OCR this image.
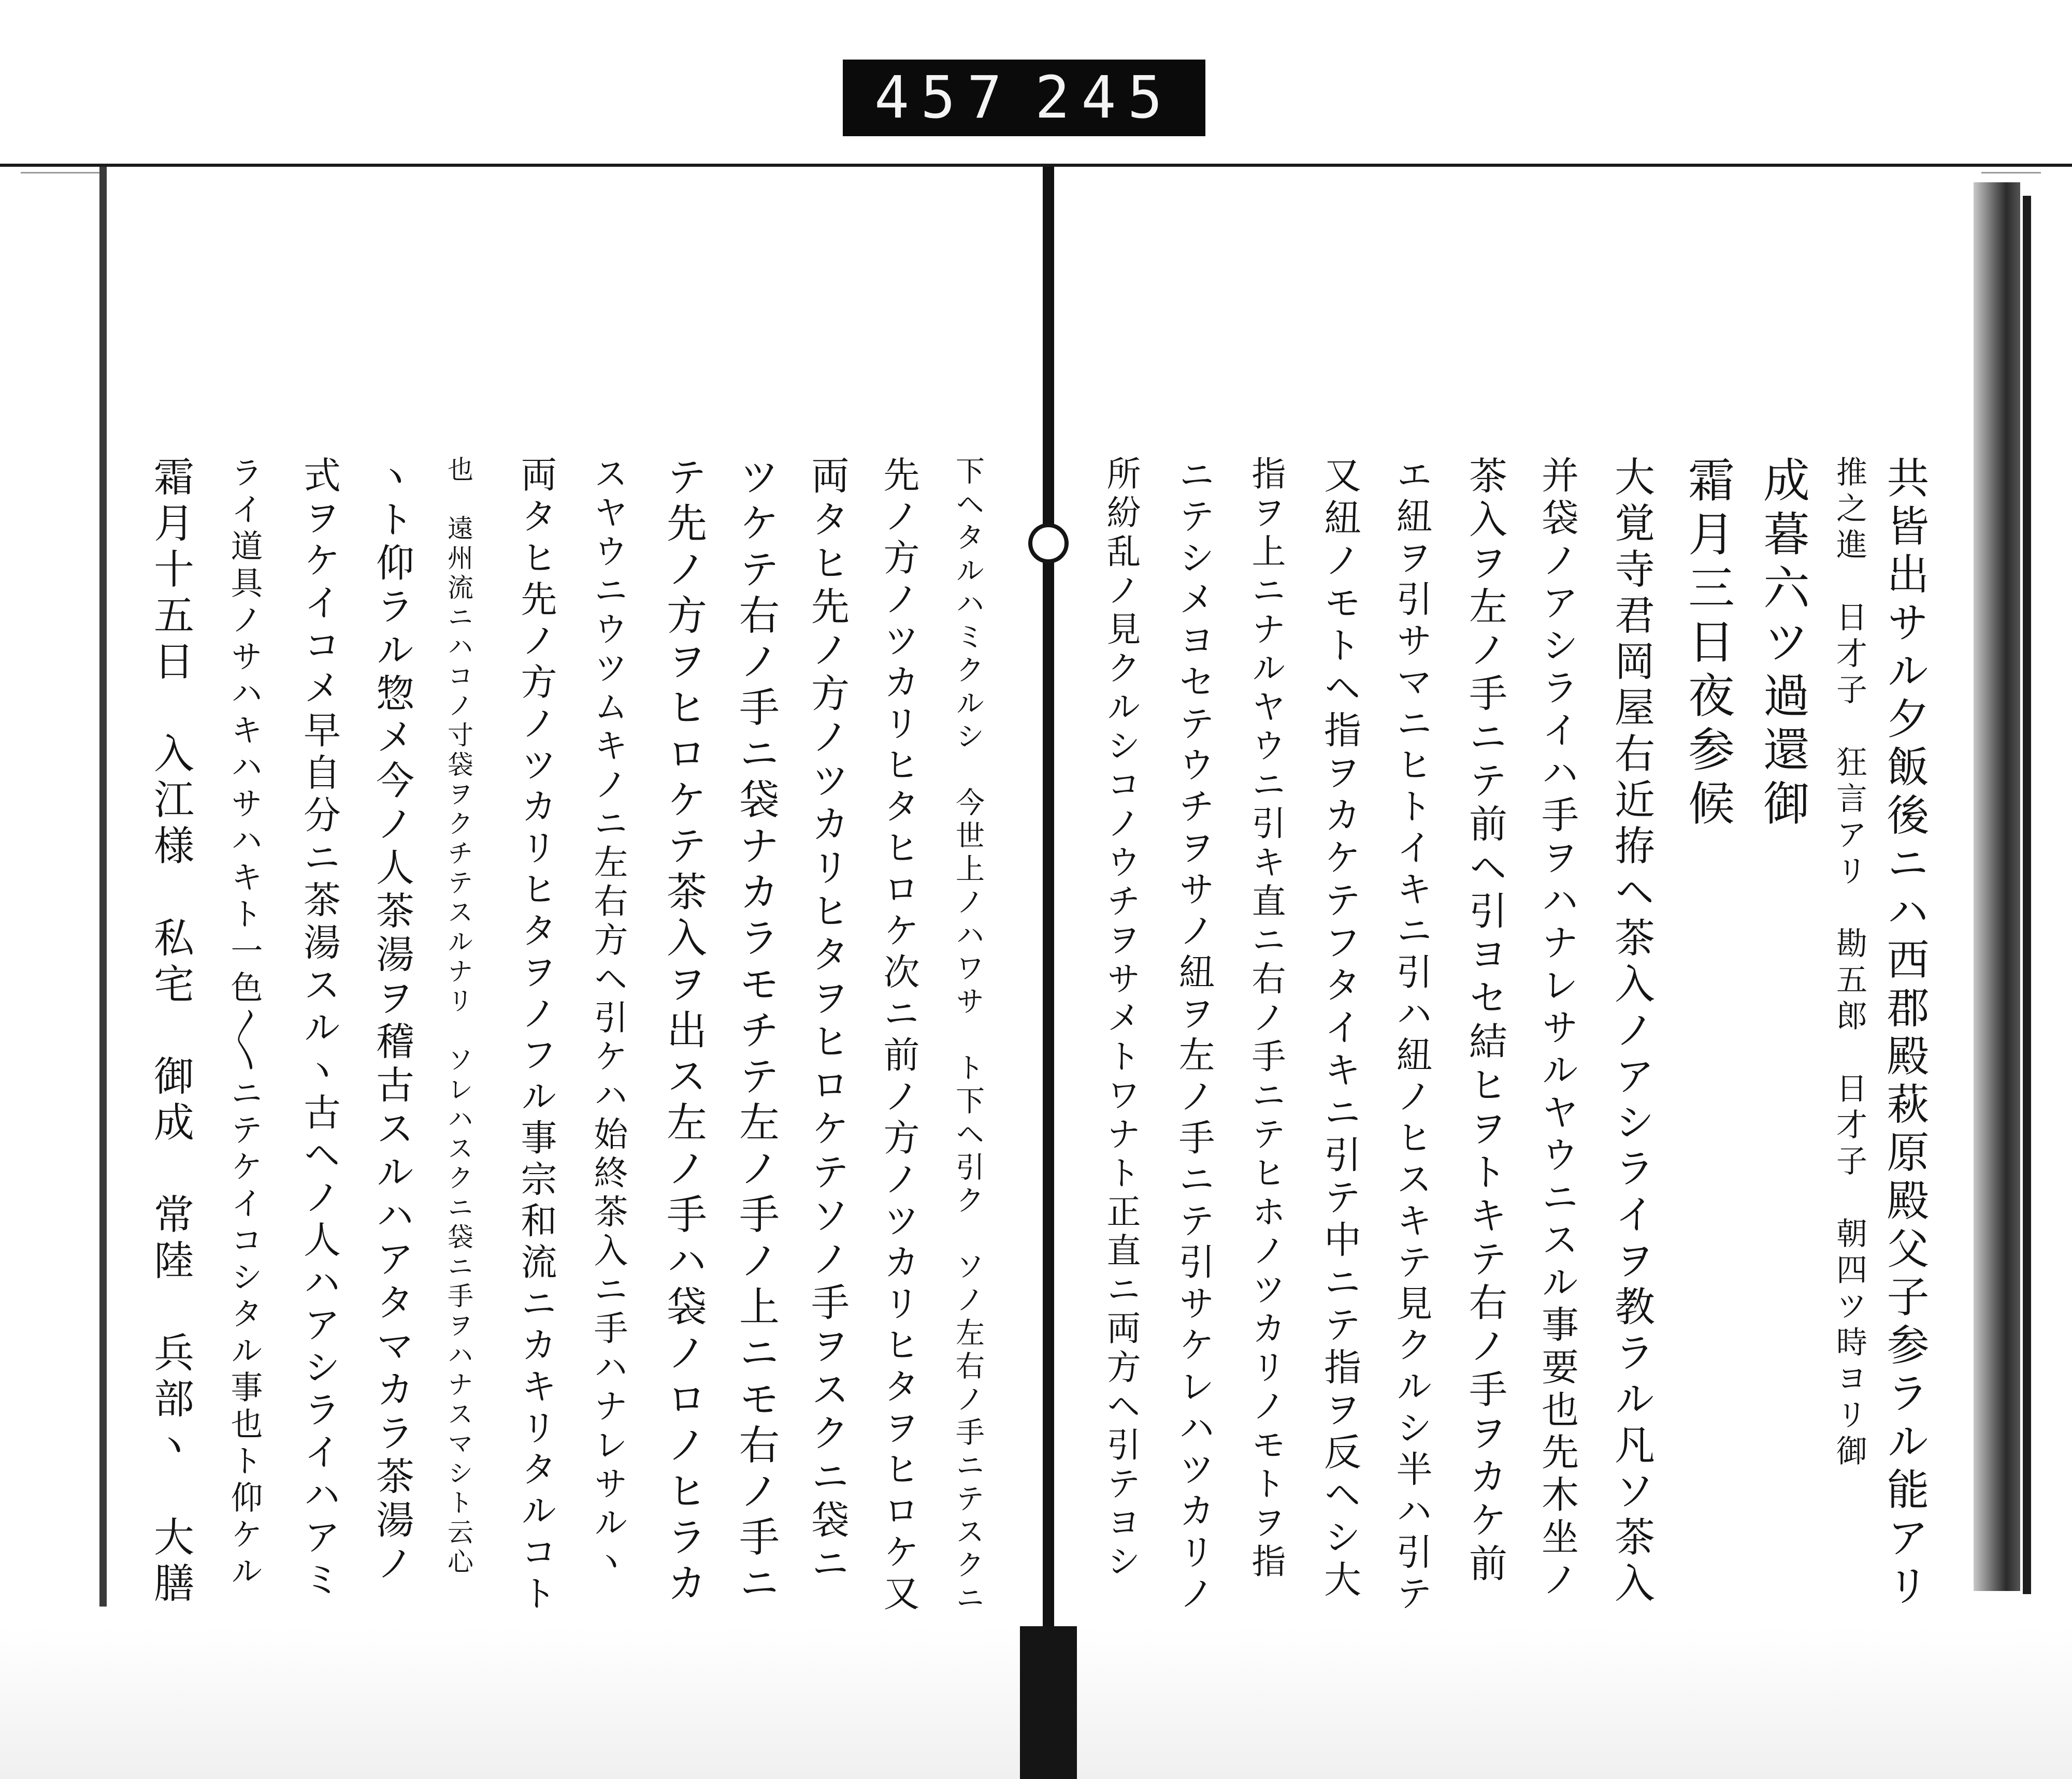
457 245
共皆出サル夕飯後ニハ西郡殿萩原殿父子参ラル能アリ
推之進　日才子　狂言アリ　勘五郎　日才子　朝四ツ時ヨリ御
成暮六ツ過還御
霜月三日夜参候
大覚寺君岡屋右近拵ヘ茶入ノアシライヲ教ラル凡ソ茶入
并袋ノアシライハ手ヲハナレサルヤウニスル事要也先木坐ノ
茶入ヲ左ノ手ニテ前ヘ引ヨセ結ヒヲトキテ右ノ手ヲカケ前
エ紐ヲ引サマニヒトイキニ引ハ紐ノヒスキテ見クルシ半ハ引テ
又紐ノモトヘ指ヲカケテフタイキニ引テ中ニテ指ヲ反ヘシ大
指ヲ上ニナルヤウニ引キ直ニ右ノ手ニテヒホノツカリノモトヲ指
ニテシメヨセテウチヲサノ紐ヲ左ノ手ニテ引サケレハツカリノ
所紛乱ノ見クルシコノウチヲサメトワナト正直ニ両方ヘ引テヨシ
下ヘタルハミクルシ　今世上ノハワサ　ト下ヘ引ク　ソノ左右ノ手ニテスクニ
先ノ方ノツカリヒタヒロケ次ニ前ノ方ノツカリヒタヲヒロケ又
両タヒ先ノ方ノツカリヒタヲヒロケテソノ手ヲスクニ袋ニ
ツケテ右ノ手ニ袋ナカラモチテ左ノ手ノ上ニモ右ノ手ニ
テ先ノ方ヲヒロケテ茶入ヲ出ス左ノ手ハ袋ノロノヒラカ
スヤウニウツムキノニ左右方ヘ引ケハ始終茶入ニ手ハナレサルヽ
両タヒ先ノ方ノツカリヒタヲノフル事宗和流ニカキリタルコト
也　遠州流ニハコノ寸袋ヲクチテスルナリ　ソレハスクニ袋ニ手ヲハナスマシト云心
ヽト仰ラル惣メ今ノ人茶湯ヲ稽古スルハアタマカラ茶湯ノ
式ヲケイコメ早自分ニ茶湯スルヽ古ヘノ人ハアシライハアミ
ライ道具ノサハキハサハキト一色〳〵ニテケイコシタル事也ト仰ケル
霜月十五日　入江様　私宅　御成　常陸　兵部ヽ　大膳
